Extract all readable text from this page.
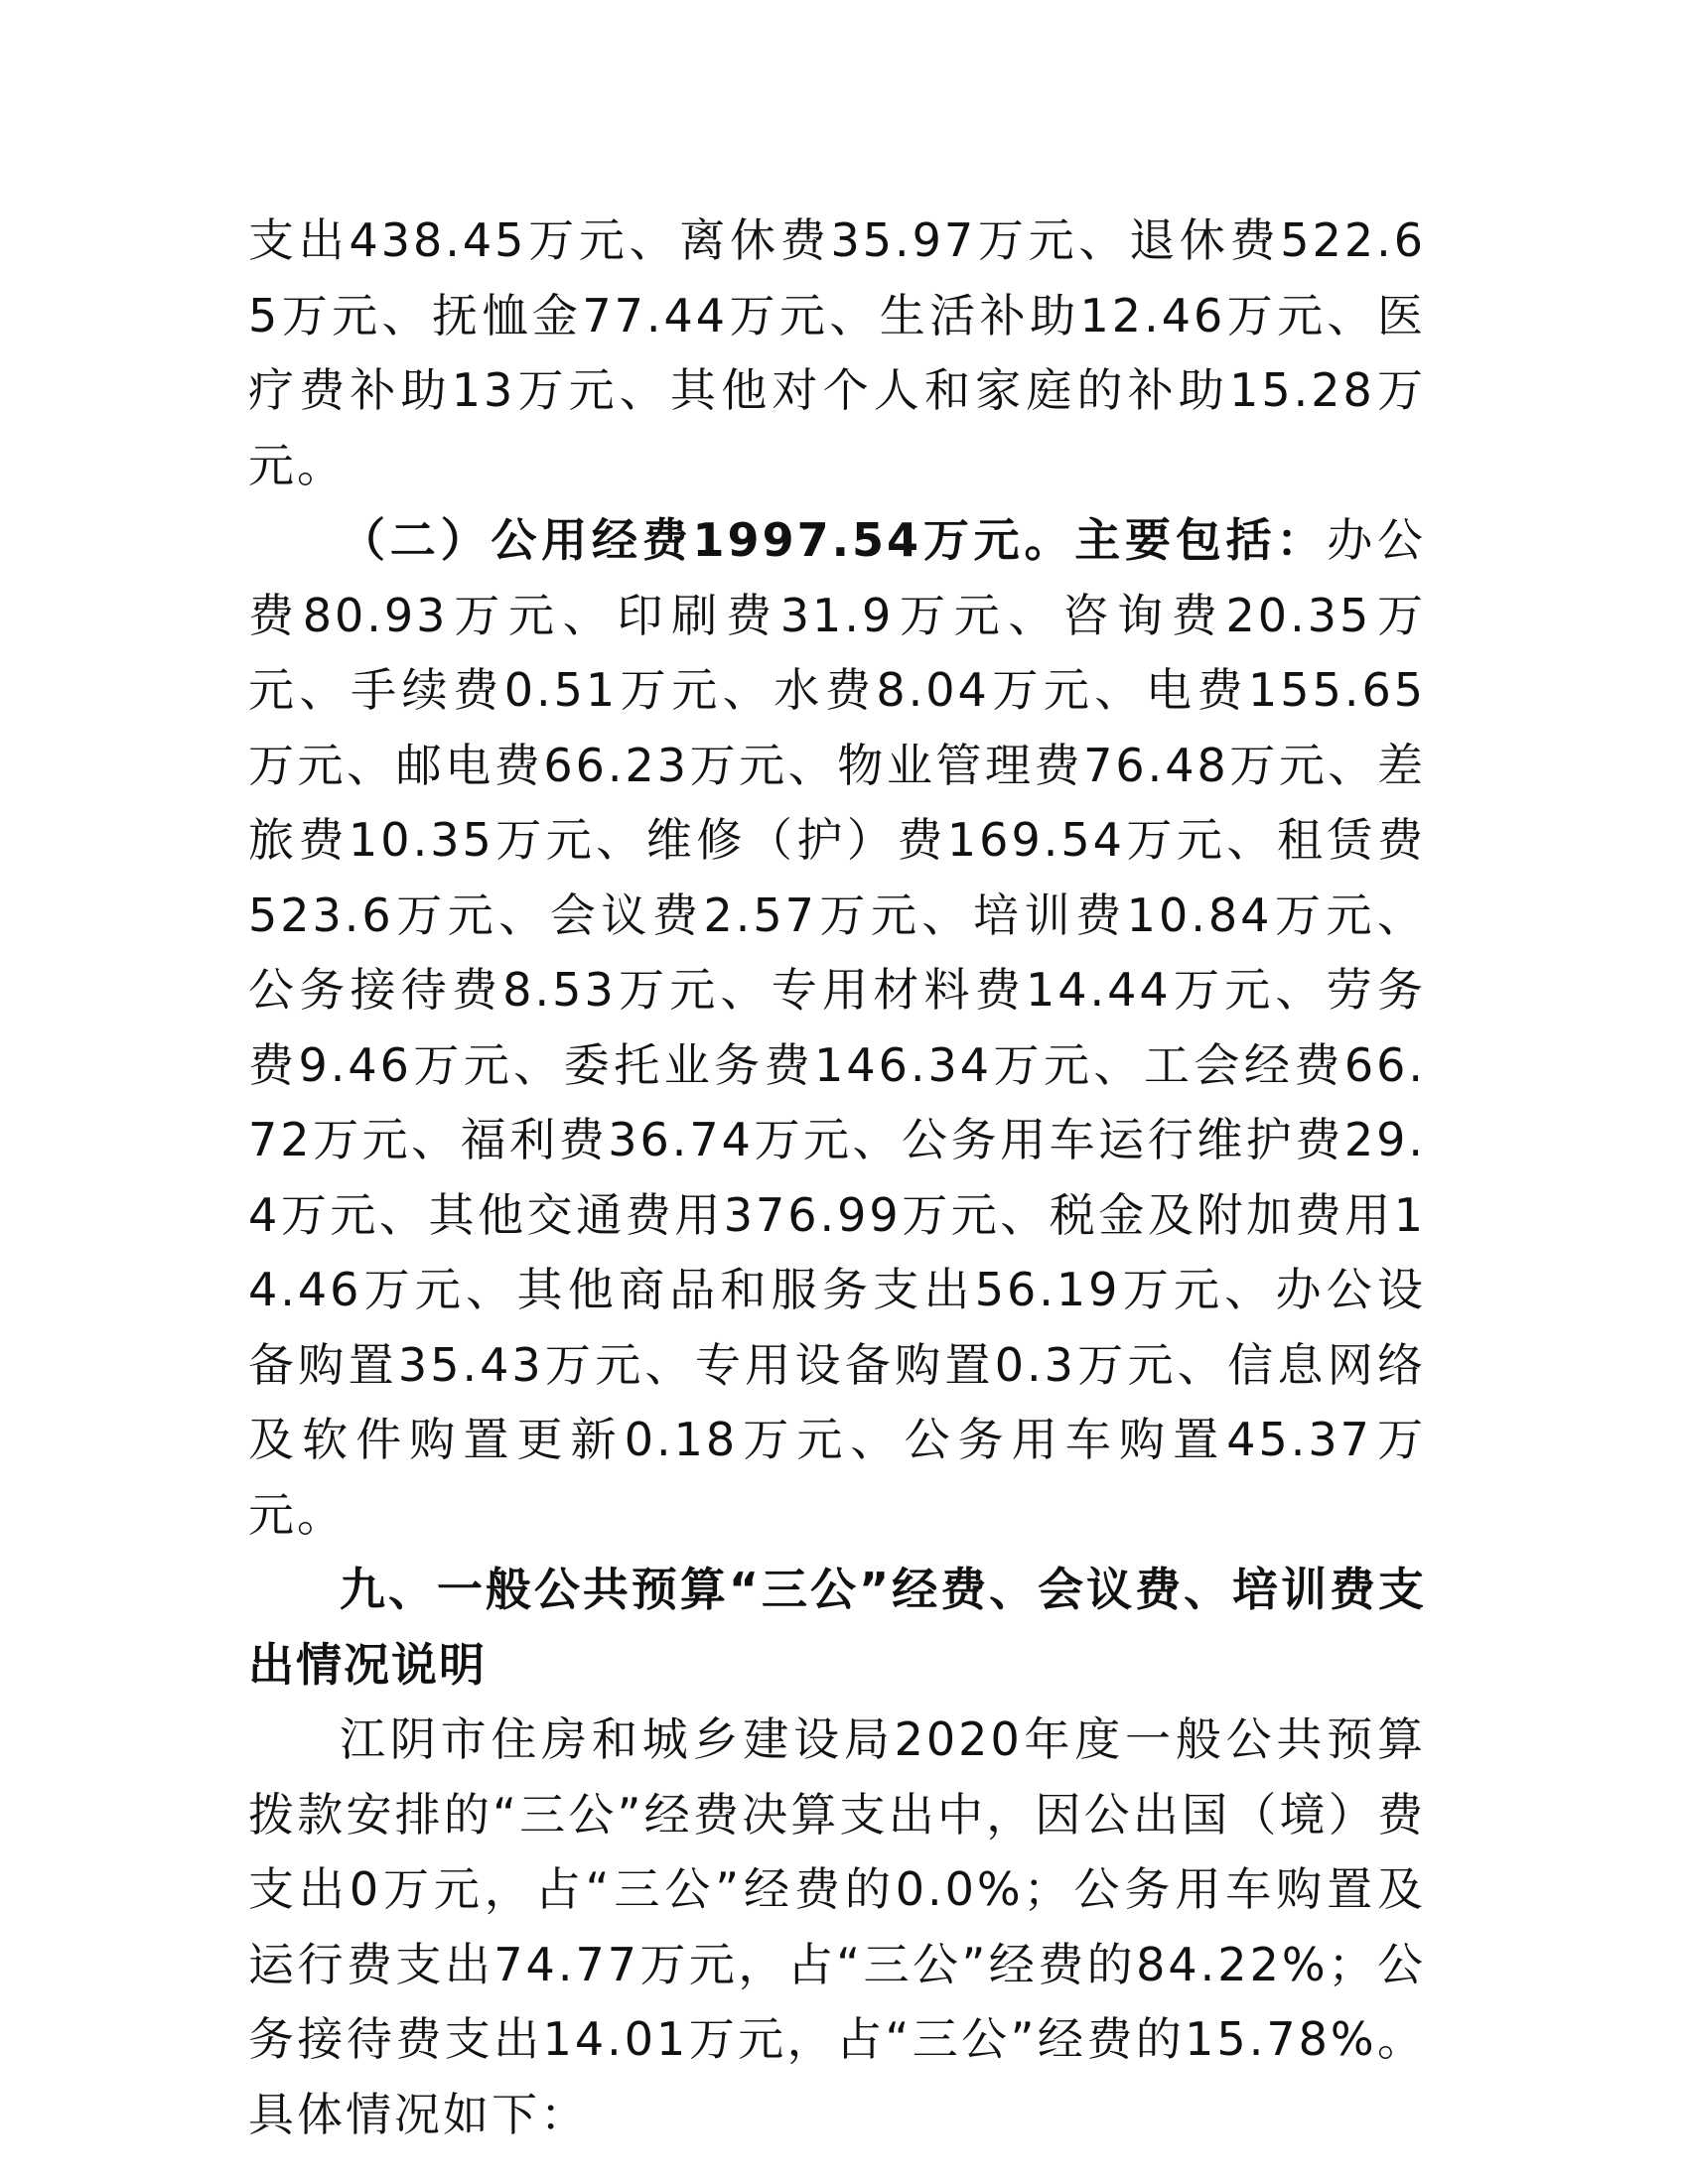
支出438.45万元、离休费35.97万元、退休费522.65万元、抚恤金77.44万元、生活补助12.46万元、医疗费补助13万元、其他对个人和家庭的补助15.28万元。

（二）公用经费1997.54万元。主要包括：办公费80.93万元、印刷费31.9万元、咨询费20.35万元、手续费0.51万元、水费8.04万元、电费155.65万元、邮电费66.23万元、物业管理费76.48万元、差旅费10.35万元、维修（护）费169.54万元、租赁费523.6万元、会议费2.57万元、培训费10.84万元、公务接待费8.53万元、专用材料费14.44万元、劳务费9.46万元、委托业务费146.34万元、工会经费66.72万元、福利费36.74万元、公务用车运行维护费29.4万元、其他交通费用376.99万元、税金及附加费用14.46万元、其他商品和服务支出56.19万元、办公设备购置35.43万元、专用设备购置0.3万元、信息网络及软件购置更新0.18万元、公务用车购置45.37万元。

九、一般公共预算“三公”经费、会议费、培训费支出情况说明

江阴市住房和城乡建设局2020年度一般公共预算拨款安排的“三公”经费决算支出中，因公出国（境）费支出0万元，占“三公”经费的0.0%；公务用车购置及运行费支出74.77万元，占“三公”经费的84.22%；公务接待费支出14.01万元，占“三公”经费的15.78%。具体情况如下：
